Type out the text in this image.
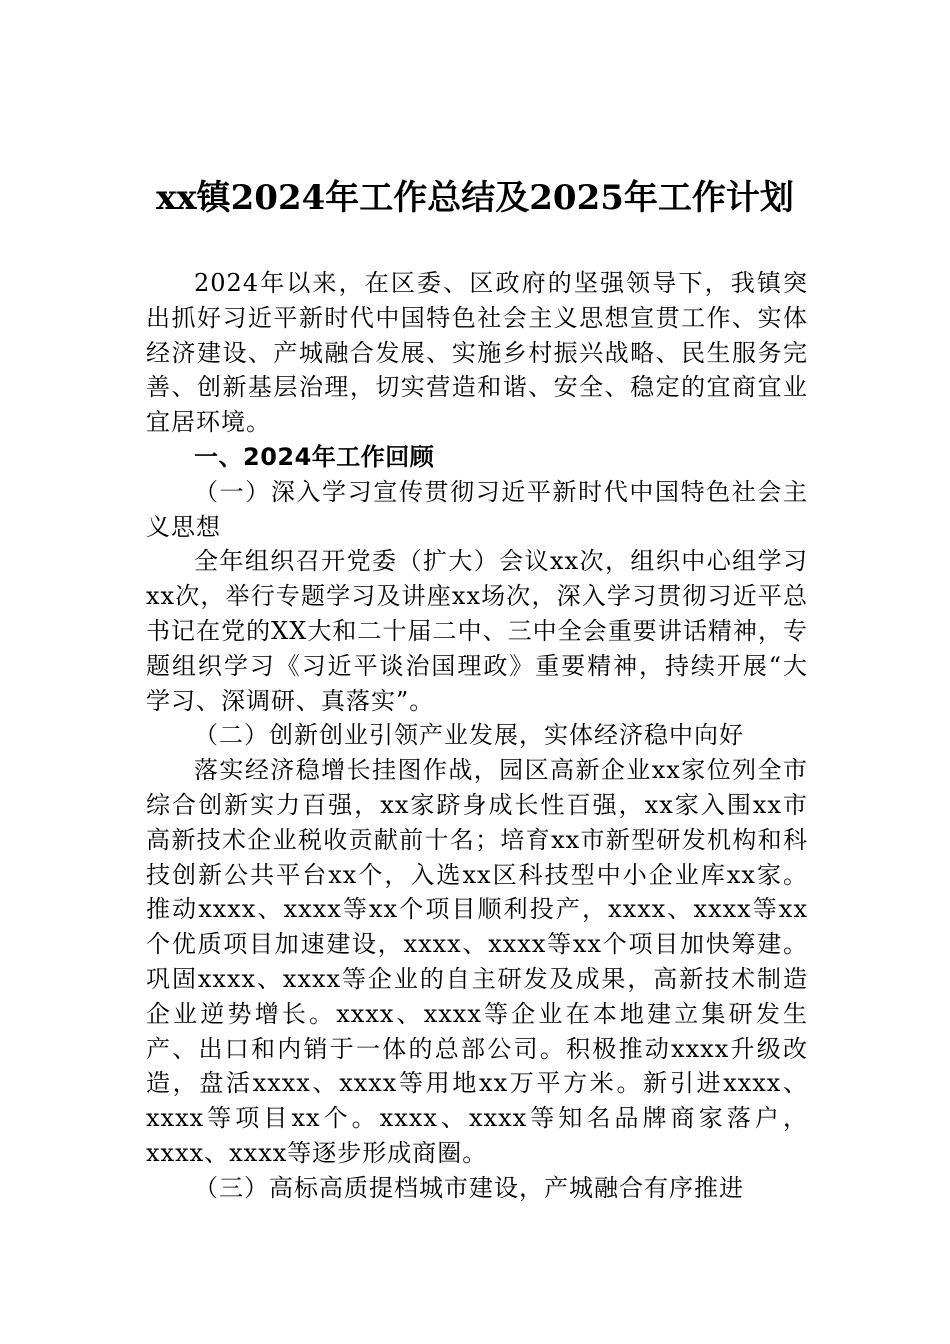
xx镇2024年工作总结及2025年工作计划

2024年以来，在区委、区政府的坚强领导下，我镇突出抓好习近平新时代中国特色社会主义思想宣贯工作、实体经济建设、产城融合发展、实施乡村振兴战略、民生服务完善、创新基层治理，切实营造和谐、安全、稳定的宜商宜业宜居环境。

一、2024年工作回顾

（一）深入学习宣传贯彻习近平新时代中国特色社会主义思想

全年组织召开党委（扩大）会议xx次，组织中心组学习xx次，举行专题学习及讲座xx场次，深入学习贯彻习近平总书记在党的XX大和二十届二中、三中全会重要讲话精神，专题组织学习《习近平谈治国理政》重要精神，持续开展“大学习、深调研、真落实”。

（二）创新创业引领产业发展，实体经济稳中向好

落实经济稳增长挂图作战，园区高新企业xx家位列全市综合创新实力百强，xx家跻身成长性百强，xx家入围xx市高新技术企业税收贡献前十名；培育xx市新型研发机构和科技创新公共平台xx个，入选xx区科技型中小企业库xx家。推动xxxx、xxxx等xx个项目顺利投产，xxxx、xxxx等xx个优质项目加速建设，xxxx、xxxx等xx个项目加快筹建。巩固xxxx、xxxx等企业的自主研发及成果，高新技术制造企业逆势增长。xxxx、xxxx等企业在本地建立集研发生产、出口和内销于一体的总部公司。积极推动xxxx升级改造，盘活xxxx、xxxx等用地xx万平方米。新引进xxxx、xxxx等项目xx个。xxxx、xxxx等知名品牌商家落户，xxxx、xxxx等逐步形成商圈。

（三）高标高质提档城市建设，产城融合有序推进
